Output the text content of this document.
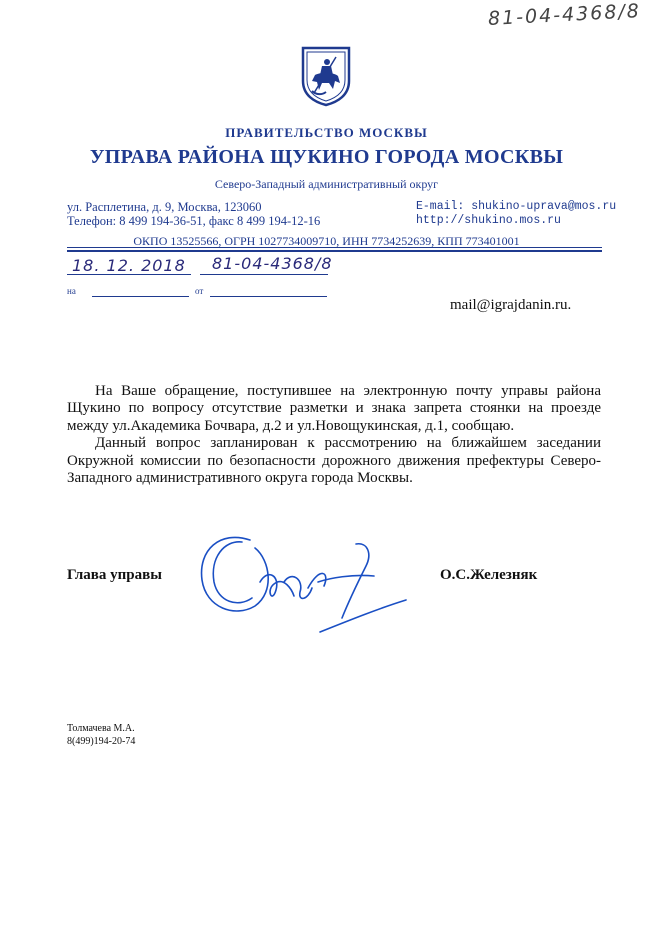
81-04-4368/8
ПРАВИТЕЛЬСТВО МОСКВЫ
УПРАВА РАЙОНА ЩУКИНО ГОРОДА МОСКВЫ
Северо-Западный административный округ
ул. Расплетина, д. 9, Москва, 123060
Телефон: 8 499 194-36-51, факс 8 499 194-12-16
E-mail: shukino-uprava@mos.ru
http://shukino.mos.ru
ОКПО 13525566, ОГРН 1027734009710, ИНН 7734252639, КПП 773401001
18. 12. 2018 81-04-4368/8
на	от
mail@igrajdanin.ru.

На Ваше обращение, поступившее на электронную почту управы района Щукино по вопросу отсутствие разметки и знака запрета стоянки на проезде между ул.Академика Бочвара, д.2 и ул.Новощукинская, д.1, сообщаю.

Данный вопрос запланирован к рассмотрению на ближайшем заседании Окружной комиссии по безопасности дорожного движения префектуры Северо-Западного административного округа города Москвы.

Глава управы	О.С.Железняк
Толмачева М.А.
8(499)194-20-74
